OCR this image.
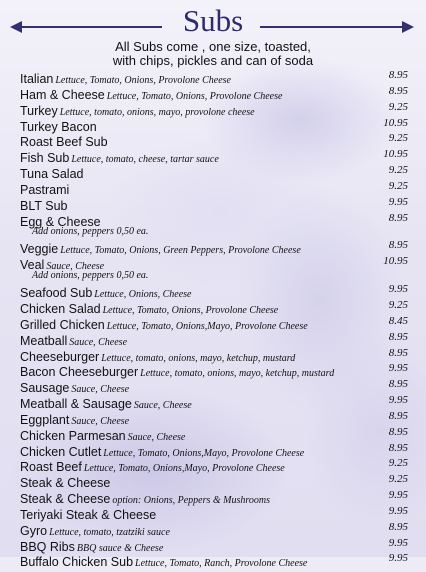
Subs
All Subs come , one size, toasted,
with chips, pickles and can of soda
Italian Lettuce, Tomato, Onions, Provolone Cheese	8.95
Ham & Cheese Lettuce, Tomato, Onions, Provolone Cheese	8.95
Turkey Lettuce, tomato, onions, mayo, provolone cheese	9.25
Turkey Bacon	10.95
Roast Beef Sub	9.25
Fish Sub Lettuce, tomato, cheese, tartar sauce	10.95
Tuna Salad	9.25
Pastrami	9.25
BLT Sub	9.95
Egg & Cheese	8.95
Add onions, peppers 0,50 ea.
Veggie Lettuce, Tomato, Onions, Green Peppers, Provolone Cheese	8.95
Veal Sauce, Cheese	10.95
Add onions, peppers 0,50 ea.
Seafood Sub Lettuce, Onions, Cheese	9.95
Chicken Salad Lettuce, Tomato, Onions, Provolone Cheese	9.25
Grilled Chicken Lettuce, Tomato, Onions,Mayo, Provolone Cheese	8.45
Meatball Sauce, Cheese	8.95
Cheeseburger Lettuce, tomato, onions, mayo, ketchup, mustard	8.95
Bacon Cheeseburger Lettuce, tomato, onions, mayo, ketchup, mustard	9.95
Sausage Sauce, Cheese	8.95
Meatball & Sausage Sauce, Cheese	9.95
Eggplant Sauce, Cheese	8.95
Chicken Parmesan Sauce, Cheese	8.95
Chicken Cutlet Lettuce, Tomato, Onions,Mayo, Provolone Cheese	8.95
Roast Beef Lettuce, Tomato, Onions,Mayo, Provolone Cheese	9.25
Steak & Cheese	9.25
Steak & Cheese option: Onions, Peppers & Mushrooms	9.95
Teriyaki Steak & Cheese	9.95
Gyro Lettuce, tomato, tzatziki sauce	8.95
BBQ Ribs BBQ sauce & Cheese	9.95
Buffalo Chicken Sub Lettuce, Tomato, Ranch, Provolone Cheese	9.95
